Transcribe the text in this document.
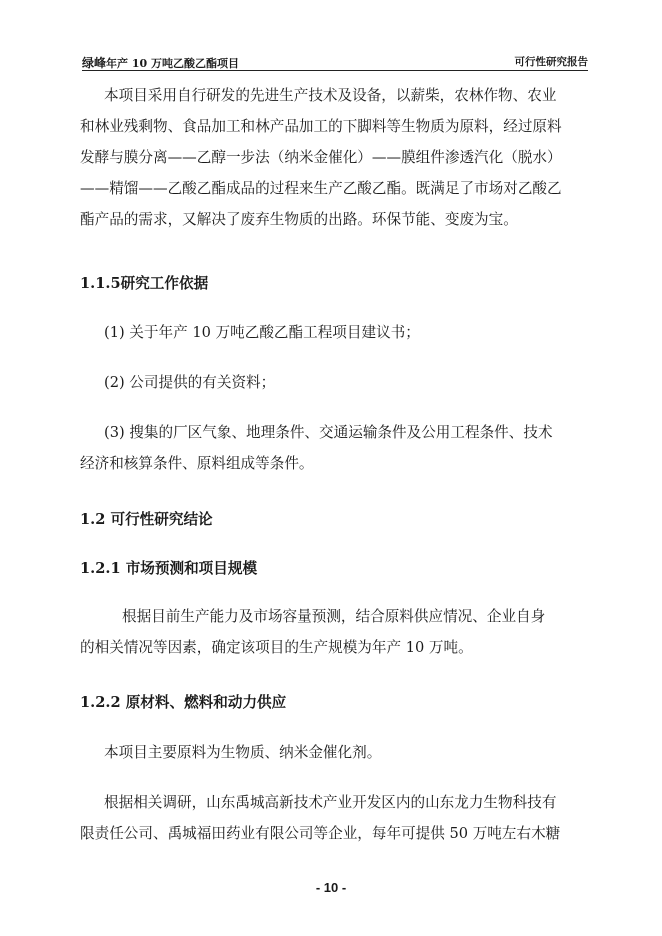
绿峰年产 10 万吨乙酸乙酯项目	可行性研究报告
本项目采用自行研发的先进生产技术及设备，以薪柴，农林作物、农业
和林业残剩物、食品加工和林产品加工的下脚料等生物质为原料，经过原料
发酵与膜分离——乙醇一步法（纳米金催化）——膜组件渗透汽化（脱水）
——精馏——乙酸乙酯成品的过程来生产乙酸乙酯。既满足了市场对乙酸乙
酯产品的需求，又解决了废弃生物质的出路。环保节能、变废为宝。
1.1.5研究工作依据
(1) 关于年产 10 万吨乙酸乙酯工程项目建议书；
(2) 公司提供的有关资料；
(3) 搜集的厂区气象、地理条件、交通运输条件及公用工程条件、技术
经济和核算条件、原料组成等条件。
1.2 可行性研究结论
1.2.1 市场预测和项目规模
根据目前生产能力及市场容量预测，结合原料供应情况、企业自身
的相关情况等因素，确定该项目的生产规模为年产 10 万吨。
1.2.2 原材料、燃料和动力供应
本项目主要原料为生物质、纳米金催化剂。
根据相关调研，山东禹城高新技术产业开发区内的山东龙力生物科技有
限责任公司、禹城福田药业有限公司等企业，每年可提供 50 万吨左右木糖
- 10 -
